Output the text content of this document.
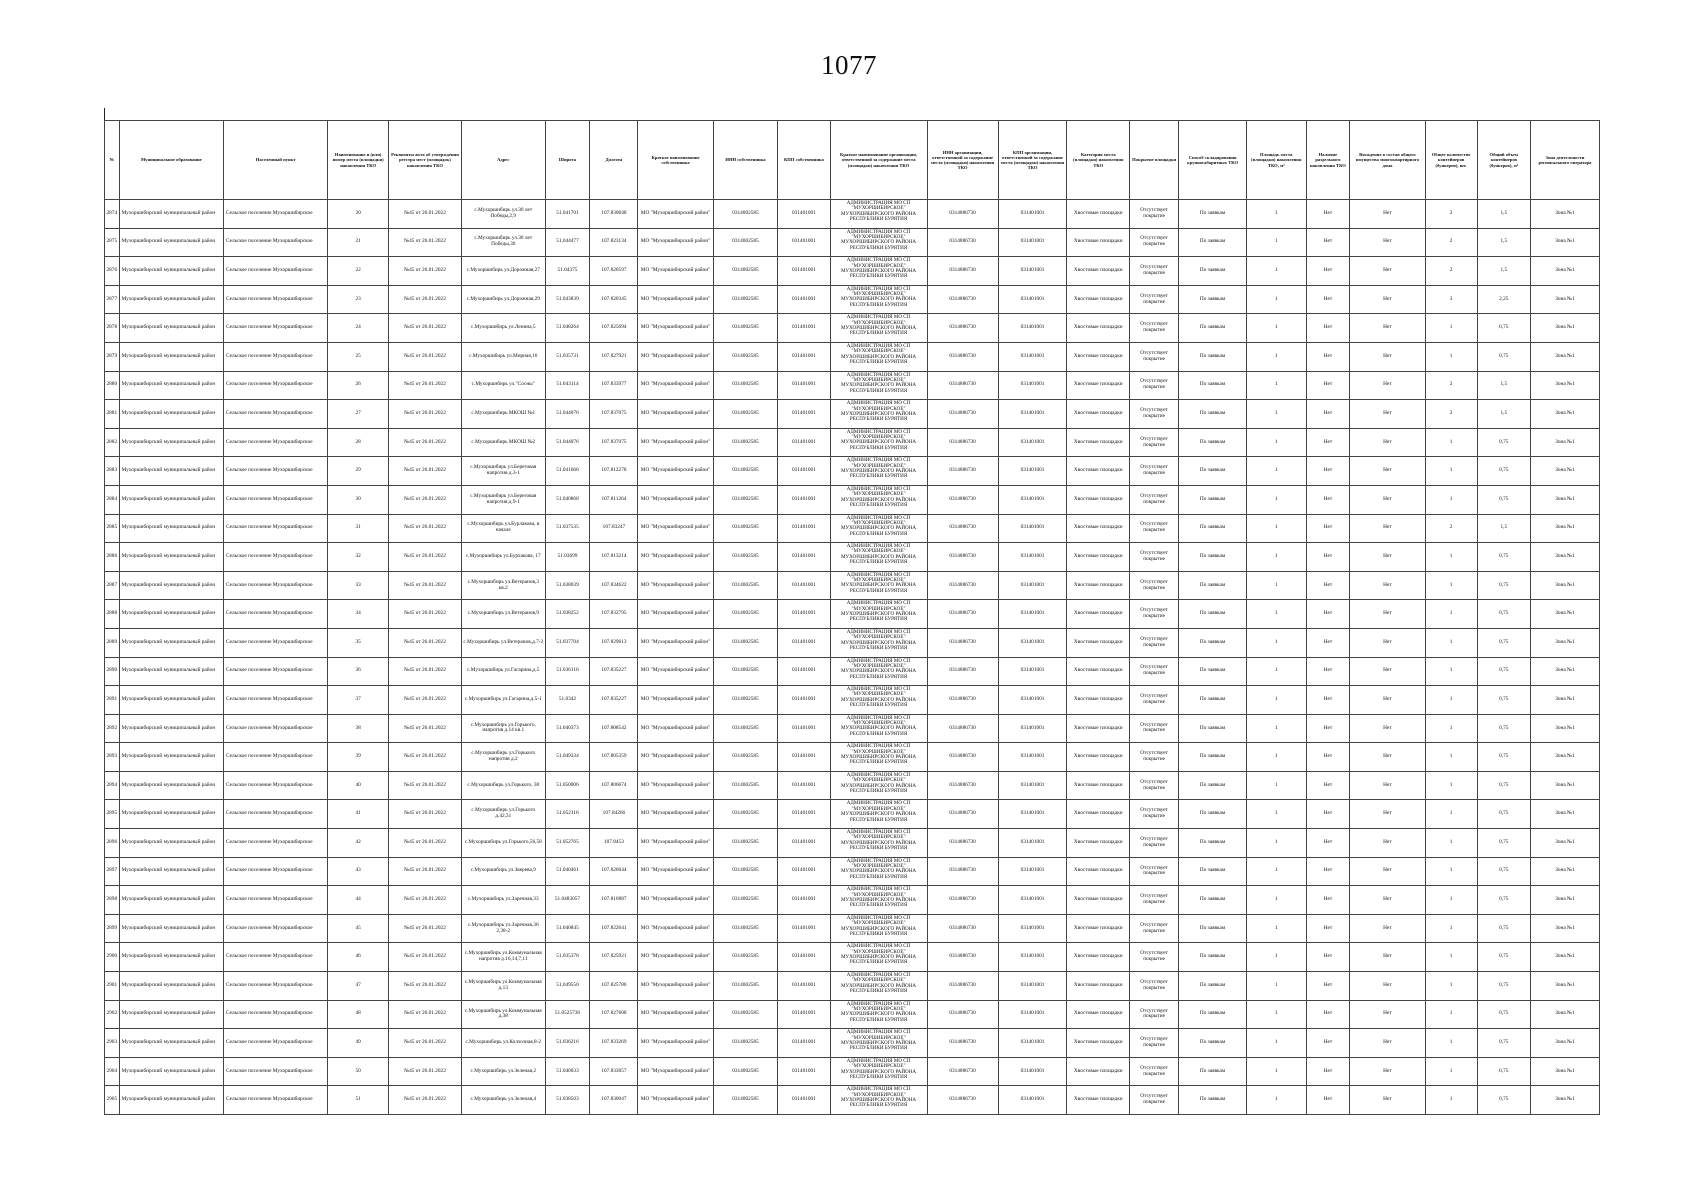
1077
№	Муниципальное образование	Населенный пункт	Наименование и (или) номер места (площадки) накопления ТКО	Реквизиты акта об утверждении реестра мест (площадок) накопления ТКО	Адрес	Широта	Долгота	Краткое наименование собственника	ИНН собственника	КПП собственника	Краткое наименование организации, ответственной за содержание места (площадки) накопления ТКО	ИНН организации, ответственной за содержание места (площадки) накопления ТКО	КПП организации, ответственной за содержание места (площадки) накопления ТКО	Категория места (площадки) накопления ТКО	Покрытие площадки	Способ складирования крупногабаритных ТКО	Площадь места (площадки) накопления ТКО, м²	Наличие раздельного накопления ТКО	Вхождение в состав общего имущества многоквартирного дома	Общее количество контейнеров (бункеров), шт.	Общий объем контейнеров (бункеров), м³	Зона деятельности регионального оператора
2874	Мухоршибирский муниципальный район	Сельское поселение Мухоршибирское	20	№45 от 26.01.2022	с.Мухоршибирь ул.30 лет Победы,2,9	51.041701	107.830648	МО "Мухоршибирский район"	0314002585	031401001	АДМИНИСТРАЦИЯ МО СП "МУХОРШИБИРСКОЕ" МУХОРШИБИРСКОГО РАЙОНА РЕСПУБЛИКИ БУРЯТИЯ	0314886730	031401001	Хвостовые площадки	Отсутствует покрытие	По заявкам	1	Нет	Нет	2	1,5	Зона №1
2875	Мухоршибирский муниципальный район	Сельское поселение Мухоршибирское	21	№45 от 26.01.2022	с.Мухоршибирь ул.30 лет Победы,30	51.044477	107.823134	МО "Мухоршибирский район"	0314002585	031401001	АДМИНИСТРАЦИЯ МО СП "МУХОРШИБИРСКОЕ" МУХОРШИБИРСКОГО РАЙОНА РЕСПУБЛИКИ БУРЯТИЯ	0314886730	031401001	Хвостовые площадки	Отсутствует покрытие	По заявкам	1	Нет	Нет	2	1,5	Зона №1
2876	Мухоршибирский муниципальный район	Сельское поселение Мухоршибирское	22	№45 от 26.01.2022	с.Мухоршибирь ул.Дорожная,27	51.04375	107.820597	МО "Мухоршибирский район"	0314002585	031401001	АДМИНИСТРАЦИЯ МО СП "МУХОРШИБИРСКОЕ" МУХОРШИБИРСКОГО РАЙОНА РЕСПУБЛИКИ БУРЯТИЯ	0314886730	031401001	Хвостовые площадки	Отсутствует покрытие	По заявкам	1	Нет	Нет	2	1,5	Зона №1
2877	Мухоршибирский муниципальный район	Сельское поселение Мухоршибирское	23	№45 от 26.01.2022	с.Мухоршибирь ул.Дорожная,29	51.043839	107.820345	МО "Мухоршибирский район"	0314002585	031401001	АДМИНИСТРАЦИЯ МО СП "МУХОРШИБИРСКОЕ" МУХОРШИБИРСКОГО РАЙОНА РЕСПУБЛИКИ БУРЯТИЯ	0314886730	031401001	Хвостовые площадки	Отсутствует покрытие	По заявкам	1	Нет	Нет	3	2,25	Зона №1
2878	Мухоршибирский муниципальный район	Сельское поселение Мухоршибирское	24	№45 от 26.01.2022	с.Мухоршибирь ул.Ленина,5	51.048264	107.825694	МО "Мухоршибирский район"	0314002585	031401001	АДМИНИСТРАЦИЯ МО СП "МУХОРШИБИРСКОЕ" МУХОРШИБИРСКОГО РАЙОНА РЕСПУБЛИКИ БУРЯТИЯ	0314886730	031401001	Хвостовые площадки	Отсутствует покрытие	По заявкам	1	Нет	Нет	1	0,75	Зона №1
2879	Мухоршибирский муниципальный район	Сельское поселение Мухоршибирское	25	№45 от 26.01.2022	с.Мухоршибирь ул.Мирная,16	51.035731	107.827921	МО "Мухоршибирский район"	0314002585	031401001	АДМИНИСТРАЦИЯ МО СП "МУХОРШИБИРСКОЕ" МУХОРШИБИРСКОГО РАЙОНА РЕСПУБЛИКИ БУРЯТИЯ	0314886730	031401001	Хвостовые площадки	Отсутствует покрытие	По заявкам	1	Нет	Нет	1	0,75	Зона №1
2880	Мухоршибирский муниципальный район	Сельское поселение Мухоршибирское	26	№45 от 26.01.2022	с.Мухоршибирь ул."Сосны"	51.043114	107.833977	МО "Мухоршибирский район"	0314002585	031401001	АДМИНИСТРАЦИЯ МО СП "МУХОРШИБИРСКОЕ" МУХОРШИБИРСКОГО РАЙОНА РЕСПУБЛИКИ БУРЯТИЯ	0314886730	031401001	Хвостовые площадки	Отсутствует покрытие	По заявкам	1	Нет	Нет	2	1,5	Зона №1
2881	Мухоршибирский муниципальный район	Сельское поселение Мухоршибирское	27	№45 от 26.01.2022	с.Мухоршибирь МКОШ №1	51.044076	107.837075	МО "Мухоршибирский район"	0314002585	031401001	АДМИНИСТРАЦИЯ МО СП "МУХОРШИБИРСКОЕ" МУХОРШИБИРСКОГО РАЙОНА РЕСПУБЛИКИ БУРЯТИЯ	0314886730	031401001	Хвостовые площадки	Отсутствует покрытие	По заявкам	1	Нет	Нет	2	1,5	Зона №1
2882	Мухоршибирский муниципальный район	Сельское поселение Мухоршибирское	28	№45 от 26.01.2022	с.Мухоршибирь МКОШ №2	51.044076	107.837075	МО "Мухоршибирский район"	0314002585	031401001	АДМИНИСТРАЦИЯ МО СП "МУХОРШИБИРСКОЕ" МУХОРШИБИРСКОГО РАЙОНА РЕСПУБЛИКИ БУРЯТИЯ	0314886730	031401001	Хвостовые площадки	Отсутствует покрытие	По заявкам	1	Нет	Нет	1	0,75	Зона №1
2883	Мухоршибирский муниципальный район	Сельское поселение Мухоршибирское	29	№45 от 26.01.2022	с.Мухоршибирь ул.Береговая напротив д.3-1	51.041668	107.812278	МО "Мухоршибирский район"	0314002585	031401001	АДМИНИСТРАЦИЯ МО СП "МУХОРШИБИРСКОЕ" МУХОРШИБИРСКОГО РАЙОНА РЕСПУБЛИКИ БУРЯТИЯ	0314886730	031401001	Хвостовые площадки	Отсутствует покрытие	По заявкам	1	Нет	Нет	1	0,75	Зона №1
2884	Мухоршибирский муниципальный район	Сельское поселение Мухоршибирское	30	№45 от 26.01.2022	с.Мухоршибирь ул.Береговая напротив д.9-1	51.040868	107.811264	МО "Мухоршибирский район"	0314002585	031401001	АДМИНИСТРАЦИЯ МО СП "МУХОРШИБИРСКОЕ" МУХОРШИБИРСКОГО РАЙОНА РЕСПУБЛИКИ БУРЯТИЯ	0314886730	031401001	Хвостовые площадки	Отсутствует покрытие	По заявкам	1	Нет	Нет	1	0,75	Зона №1
2885	Мухоршибирский муниципальный район	Сельское поселение Мухоршибирское	31	№45 от 26.01.2022	с.Мухоршибирь ул.Бурлакова, в начале	51.037535	107.83247	МО "Мухоршибирский район"	0314002585	031401001	АДМИНИСТРАЦИЯ МО СП "МУХОРШИБИРСКОЕ" МУХОРШИБИРСКОГО РАЙОНА РЕСПУБЛИКИ БУРЯТИЯ	0314886730	031401001	Хвостовые площадки	Отсутствует покрытие	По заявкам	1	Нет	Нет	2	1,5	Зона №1
2886	Мухоршибирский муниципальный район	Сельское поселение Мухоршибирское	32	№45 от 26.01.2022	с.Мухоршибирь ул.Бурлакова, 17	51.03699	107.813214	МО "Мухоршибирский район"	0314002585	031401001	АДМИНИСТРАЦИЯ МО СП "МУХОРШИБИРСКОЕ" МУХОРШИБИРСКОГО РАЙОНА РЕСПУБЛИКИ БУРЯТИЯ	0314886730	031401001	Хвостовые площадки	Отсутствует покрытие	По заявкам	1	Нет	Нет	1	0,75	Зона №1
2887	Мухоршибирский муниципальный район	Сельское поселение Мухоршибирское	33	№45 от 26.01.2022	с.Мухоршибирь ул.Ветеранов,3 кв.2	51.038039	107.834622	МО "Мухоршибирский район"	0314002585	031401001	АДМИНИСТРАЦИЯ МО СП "МУХОРШИБИРСКОЕ" МУХОРШИБИРСКОГО РАЙОНА РЕСПУБЛИКИ БУРЯТИЯ	0314886730	031401001	Хвостовые площадки	Отсутствует покрытие	По заявкам	1	Нет	Нет	1	0,75	Зона №1
2888	Мухоршибирский муниципальный район	Сельское поселение Мухоршибирское	34	№45 от 26.01.2022	с.Мухоршибирь ул.Ветеранов,9	51.038252	107.832795	МО "Мухоршибирский район"	0314002585	031401001	АДМИНИСТРАЦИЯ МО СП "МУХОРШИБИРСКОЕ" МУХОРШИБИРСКОГО РАЙОНА РЕСПУБЛИКИ БУРЯТИЯ	0314886730	031401001	Хвостовые площадки	Отсутствует покрытие	По заявкам	1	Нет	Нет	1	0,75	Зона №1
2889	Мухоршибирский муниципальный район	Сельское поселение Мухоршибирское	35	№45 от 26.01.2022	с.Мухоршибирь ул.Ветеранов,д.7-2	51.037704	107.829613	МО "Мухоршибирский район"	0314002585	031401001	АДМИНИСТРАЦИЯ МО СП "МУХОРШИБИРСКОЕ" МУХОРШИБИРСКОГО РАЙОНА РЕСПУБЛИКИ БУРЯТИЯ	0314886730	031401001	Хвостовые площадки	Отсутствует покрытие	По заявкам	1	Нет	Нет	1	0,75	Зона №1
2890	Мухоршибирский муниципальный район	Сельское поселение Мухоршибирское	36	№45 от 26.01.2022	с.Мухоршибирь ул.Гагарина,д.5	51.036116	107.835227	МО "Мухоршибирский район"	0314002585	031401001	АДМИНИСТРАЦИЯ МО СП "МУХОРШИБИРСКОЕ" МУХОРШИБИРСКОГО РАЙОНА РЕСПУБЛИКИ БУРЯТИЯ	0314886730	031401001	Хвостовые площадки	Отсутствует покрытие	По заявкам	1	Нет	Нет	1	0,75	Зона №1
2891	Мухоршибирский муниципальный район	Сельское поселение Мухоршибирское	37	№45 от 26.01.2022	с.Мухоршибирь ул.Гагарина,д.5-1	51.0342	107.835227	МО "Мухоршибирский район"	0314002585	031401001	АДМИНИСТРАЦИЯ МО СП "МУХОРШИБИРСКОЕ" МУХОРШИБИРСКОГО РАЙОНА РЕСПУБЛИКИ БУРЯТИЯ	0314886730	031401001	Хвостовые площадки	Отсутствует покрытие	По заявкам	1	Нет	Нет	1	0,75	Зона №1
2892	Мухоршибирский муниципальный район	Сельское поселение Мухоршибирское	38	№45 от 26.01.2022	с.Мухоршибирь ул.Горького, напротив д.14 кв.1	51.040373	107.808542	МО "Мухоршибирский район"	0314002585	031401001	АДМИНИСТРАЦИЯ МО СП "МУХОРШИБИРСКОЕ" МУХОРШИБИРСКОГО РАЙОНА РЕСПУБЛИКИ БУРЯТИЯ	0314886730	031401001	Хвостовые площадки	Отсутствует покрытие	По заявкам	1	Нет	Нет	1	0,75	Зона №1
2893	Мухоршибирский муниципальный район	Сельское поселение Мухоршибирское	39	№45 от 26.01.2022	с.Мухоршибирь ул.Горького напротив д.2	51.049334	107.805359	МО "Мухоршибирский район"	0314002585	031401001	АДМИНИСТРАЦИЯ МО СП "МУХОРШИБИРСКОЕ" МУХОРШИБИРСКОГО РАЙОНА РЕСПУБЛИКИ БУРЯТИЯ	0314886730	031401001	Хвостовые площадки	Отсутствует покрытие	По заявкам	1	Нет	Нет	1	0,75	Зона №1
2894	Мухоршибирский муниципальный район	Сельское поселение Мухоршибирское	40	№45 от 26.01.2022	с.Мухоршибирь ул.Горького, 38	51.050006	107.806674	МО "Мухоршибирский район"	0314002585	031401001	АДМИНИСТРАЦИЯ МО СП "МУХОРШИБИРСКОЕ" МУХОРШИБИРСКОГО РАЙОНА РЕСПУБЛИКИ БУРЯТИЯ	0314886730	031401001	Хвостовые площадки	Отсутствует покрытие	По заявкам	1	Нет	Нет	1	0,75	Зона №1
2895	Мухоршибирский муниципальный район	Сельское поселение Мухоршибирское	41	№45 от 26.01.2022	с.Мухоршибирь ул.Горького д.42,31	51.052116	107.84266	МО "Мухоршибирский район"	0314002585	031401001	АДМИНИСТРАЦИЯ МО СП "МУХОРШИБИРСКОЕ" МУХОРШИБИРСКОГО РАЙОНА РЕСПУБЛИКИ БУРЯТИЯ	0314886730	031401001	Хвостовые площадки	Отсутствует покрытие	По заявкам	1	Нет	Нет	1	0,75	Зона №1
2896	Мухоршибирский муниципальный район	Сельское поселение Мухоршибирское	42	№45 от 26.01.2022	с.Мухоршибирь ул.Горького,56,58	51.052765	107.8453	МО "Мухоршибирский район"	0314002585	031401001	АДМИНИСТРАЦИЯ МО СП "МУХОРШИБИРСКОЕ" МУХОРШИБИРСКОГО РАЙОНА РЕСПУБЛИКИ БУРЯТИЯ	0314886730	031401001	Хвостовые площадки	Отсутствует покрытие	По заявкам	1	Нет	Нет	1	0,75	Зона №1
2897	Мухоршибирский муниципальный район	Сельское поселение Мухоршибирское	43	№45 от 26.01.2022	с.Мухоршибирь ул.Зверева,9	51.040461	107.826644	МО "Мухоршибирский район"	0314002585	031401001	АДМИНИСТРАЦИЯ МО СП "МУХОРШИБИРСКОЕ" МУХОРШИБИРСКОГО РАЙОНА РЕСПУБЛИКИ БУРЯТИЯ	0314886730	031401001	Хвостовые площадки	Отсутствует покрытие	По заявкам	1	Нет	Нет	1	0,75	Зона №1
2898	Мухоршибирский муниципальный район	Сельское поселение Мухоршибирское	44	№45 от 26.01.2022	с.Мухоршибирь ул.Заречная,33	51.0483057	107.816887	МО "Мухоршибирский район"	0314002585	031401001	АДМИНИСТРАЦИЯ МО СП "МУХОРШИБИРСКОЕ" МУХОРШИБИРСКОГО РАЙОНА РЕСПУБЛИКИ БУРЯТИЯ	0314886730	031401001	Хвостовые площадки	Отсутствует покрытие	По заявкам	1	Нет	Нет	1	0,75	Зона №1
2899	Мухоршибирский муниципальный район	Сельское поселение Мухоршибирское	45	№45 от 26.01.2022	с.Мухоршибирь ул.Заречная,36 2,38-2	51.040845	107.822641	МО "Мухоршибирский район"	0314002585	031401001	АДМИНИСТРАЦИЯ МО СП "МУХОРШИБИРСКОЕ" МУХОРШИБИРСКОГО РАЙОНА РЕСПУБЛИКИ БУРЯТИЯ	0314886730	031401001	Хвостовые площадки	Отсутствует покрытие	По заявкам	1	Нет	Нет	1	0,75	Зона №1
2900	Мухоршибирский муниципальный район	Сельское поселение Мухоршибирское	46	№45 от 26.01.2022	с.Мухоршибирь ул.Коммунальная напротив д.16,14,7,11	51.035378	107.825921	МО "Мухоршибирский район"	0314002585	031401001	АДМИНИСТРАЦИЯ МО СП "МУХОРШИБИРСКОЕ" МУХОРШИБИРСКОГО РАЙОНА РЕСПУБЛИКИ БУРЯТИЯ	0314886730	031401001	Хвостовые площадки	Отсутствует покрытие	По заявкам	1	Нет	Нет	1	0,75	Зона №1
2901	Мухоршибирский муниципальный район	Сельское поселение Мухоршибирское	47	№45 от 26.01.2022	с.Мухоршибирь ул.Коммунальная д.13	51.049550	107.825786	МО "Мухоршибирский район"	0314002585	031401001	АДМИНИСТРАЦИЯ МО СП "МУХОРШИБИРСКОЕ" МУХОРШИБИРСКОГО РАЙОНА РЕСПУБЛИКИ БУРЯТИЯ	0314886730	031401001	Хвостовые площадки	Отсутствует покрытие	По заявкам	1	Нет	Нет	1	0,75	Зона №1
2902	Мухоршибирский муниципальный район	Сельское поселение Мухоршибирское	48	№45 от 26.01.2022	с.Мухоршибирь ул.Коммунальная д.38	51.0525736	107.827608	МО "Мухоршибирский район"	0314002585	031401001	АДМИНИСТРАЦИЯ МО СП "МУХОРШИБИРСКОЕ" МУХОРШИБИРСКОГО РАЙОНА РЕСПУБЛИКИ БУРЯТИЯ	0314886730	031401001	Хвостовые площадки	Отсутствует покрытие	По заявкам	1	Нет	Нет	1	0,75	Зона №1
2903	Мухоршибирский муниципальный район	Сельское поселение Мухоршибирское	49	№45 от 26.01.2022	с.Мухоршибирь ул.Колхозная,8-2	51.036216	107.833269	МО "Мухоршибирский район"	0314002585	031401001	АДМИНИСТРАЦИЯ МО СП "МУХОРШИБИРСКОЕ" МУХОРШИБИРСКОГО РАЙОНА РЕСПУБЛИКИ БУРЯТИЯ	0314886730	031401001	Хвостовые площадки	Отсутствует покрытие	По заявкам	1	Нет	Нет	1	0,75	Зона №1
2904	Мухоршибирский муниципальный район	Сельское поселение Мухоршибирское	50	№45 от 26.01.2022	с.Мухоршибирь ул.Зеленая,2	51.040033	107.833057	МО "Мухоршибирский район"	0314002585	031401001	АДМИНИСТРАЦИЯ МО СП "МУХОРШИБИРСКОЕ" МУХОРШИБИРСКОГО РАЙОНА РЕСПУБЛИКИ БУРЯТИЯ	0314886730	031401001	Хвостовые площадки	Отсутствует покрытие	По заявкам	1	Нет	Нет	1	0,75	Зона №1
2905	Мухоршибирский муниципальный район	Сельское поселение Мухоршибирское	51	№45 от 26.01.2022	с.Мухоршибирь ул.Зеленая,4	51.038503	107.830047	МО "Мухоршибирский район"	0314002585	031401001	АДМИНИСТРАЦИЯ МО СП "МУХОРШИБИРСКОЕ" МУХОРШИБИРСКОГО РАЙОНА РЕСПУБЛИКИ БУРЯТИЯ	0314886730	031401001	Хвостовые площадки	Отсутствует покрытие	По заявкам	1	Нет	Нет	1	0,75	Зона №1
